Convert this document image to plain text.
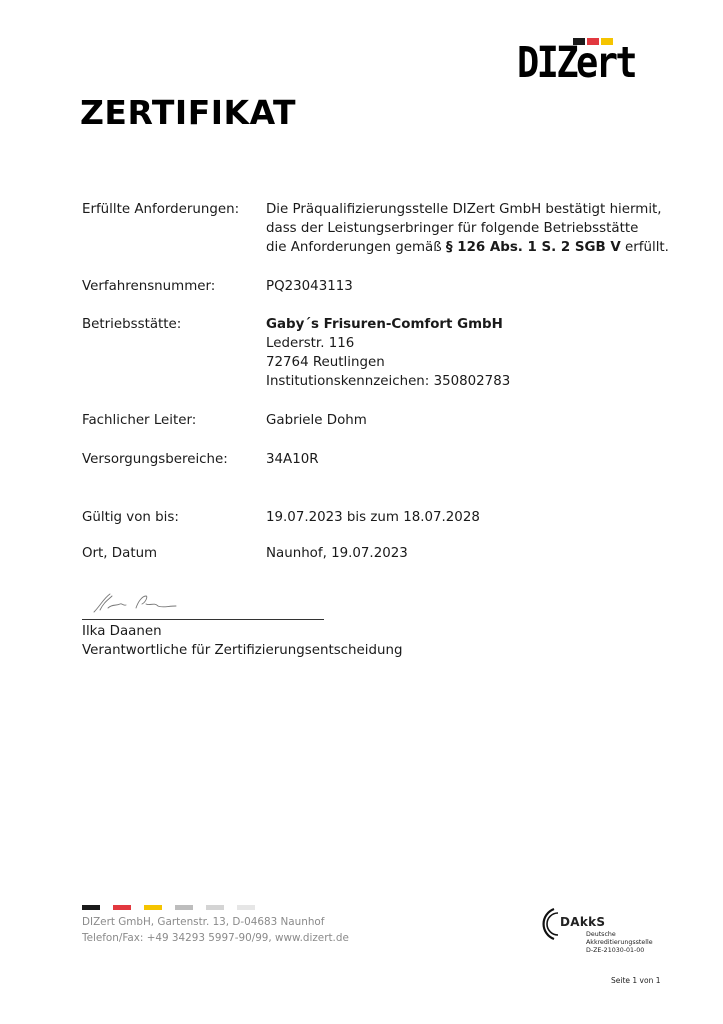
DIZert
ZERTIFIKAT
Erfüllte Anforderungen: Die Präqualifizierungsstelle DIZert GmbH bestätigt hiermit,
dass der Leistungserbringer für folgende Betriebsstätte
die Anforderungen gemäß § 126 Abs. 1 S. 2 SGB V erfüllt.
Verfahrensnummer:	PQ23043113
Betriebsstätte:	Gaby´s Frisuren-Comfort GmbH
Lederstr. 116
72764 Reutlingen
Institutionskennzeichen: 350802783
Fachlicher Leiter:	Gabriele Dohm
Versorgungsbereiche:	34A10R
Gültig von bis:	19.07.2023 bis zum 18.07.2028
Ort, Datum	Naunhof, 19.07.2023
Ilka Daanen
Verantwortliche für Zertifizierungsentscheidung
DIZert GmbH, Gartenstr. 13, D-04683 Naunhof
Telefon/Fax: +49 34293 5997-90/99, www.dizert.de
DAkkS
Deutsche
Akkreditierungsstelle
D-ZE-21030-01-00
Seite 1 von 1
